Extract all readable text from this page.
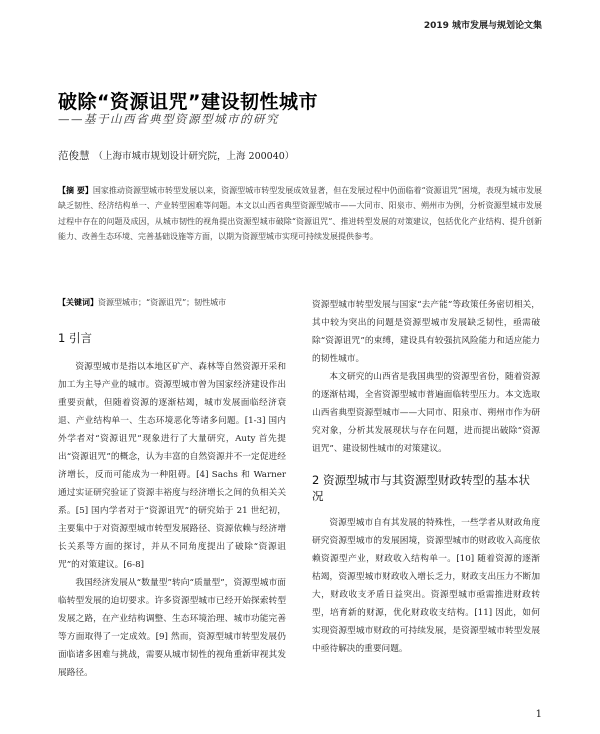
2019 城市发展与规划论文集
破除“资源诅咒”建设韧性城市
——基于山西省典型资源型城市的研究
范俊慧 （上海市城市规划设计研究院，上海 200040）

【摘 要】国家推动资源型城市转型发展以来，资源型城市转型发展成效显著，但在发展过程中仍面临着“资源诅咒”困境，表现为城市发展缺乏韧性、经济结构单一、产业转型困难等问题。本文以山西省典型资源型城市——大同市、阳泉市、朔州市为例，分析资源型城市发展过程中存在的问题及成因，从城市韧性的视角提出资源型城市破除“资源诅咒”、推进转型发展的对策建议，包括优化产业结构、提升创新能力、改善生态环境、完善基础设施等方面，以期为资源型城市实现可持续发展提供参考。

【关键词】资源型城市；“资源诅咒”；韧性城市

1 引言

资源型城市是指以本地区矿产、森林等自然资源开采和加工为主导产业的城市。资源型城市曾为国家经济建设作出重要贡献，但随着资源的逐渐枯竭，城市发展面临经济衰退、产业结构单一、生态环境恶化等诸多问题。[1-3] 国内外学者对“资源诅咒”现象进行了大量研究，Auty 首先提出“资源诅咒”的概念，认为丰富的自然资源并不一定促进经济增长，反而可能成为一种阻碍。[4] Sachs 和 Warner 通过实证研究验证了资源丰裕度与经济增长之间的负相关关系。[5] 国内学者对于“资源诅咒”的研究始于 21 世纪初，主要集中于对资源型城市转型发展路径、资源依赖与经济增长关系等方面的探讨，并从不同角度提出了破除“资源诅咒”的对策建议。[6-8]

我国经济发展从“数量型”转向“质量型”，资源型城市面临转型发展的迫切要求。许多资源型城市已经开始探索转型发展之路，在产业结构调整、生态环境治理、城市功能完善等方面取得了一定成效。[9] 然而，资源型城市转型发展仍面临诸多困难与挑战，需要从城市韧性的视角重新审视其发展路径。

资源型城市转型发展与国家“去产能”等政策任务密切相关，其中较为突出的问题是资源型城市发展缺乏韧性，亟需破除“资源诅咒”的束缚，建设具有较强抗风险能力和适应能力的韧性城市。

本文研究的山西省是我国典型的资源型省份，随着资源的逐渐枯竭，全省资源型城市普遍面临转型压力。本文选取山西省典型资源型城市——大同市、阳泉市、朔州市作为研究对象，分析其发展现状与存在问题，进而提出破除“资源诅咒”、建设韧性城市的对策建议。

2 资源型城市与其资源型财政转型的基本状况

资源型城市自有其发展的特殊性，一些学者从财政角度研究资源型城市的发展困境，资源型城市的财政收入高度依赖资源型产业，财政收入结构单一。[10] 随着资源的逐渐枯竭，资源型城市财政收入增长乏力，财政支出压力不断加大，财政收支矛盾日益突出。资源型城市亟需推进财政转型，培育新的财源，优化财政收支结构。[11] 因此，如何实现资源型城市财政的可持续发展，是资源型城市转型发展中亟待解决的重要问题。

1
